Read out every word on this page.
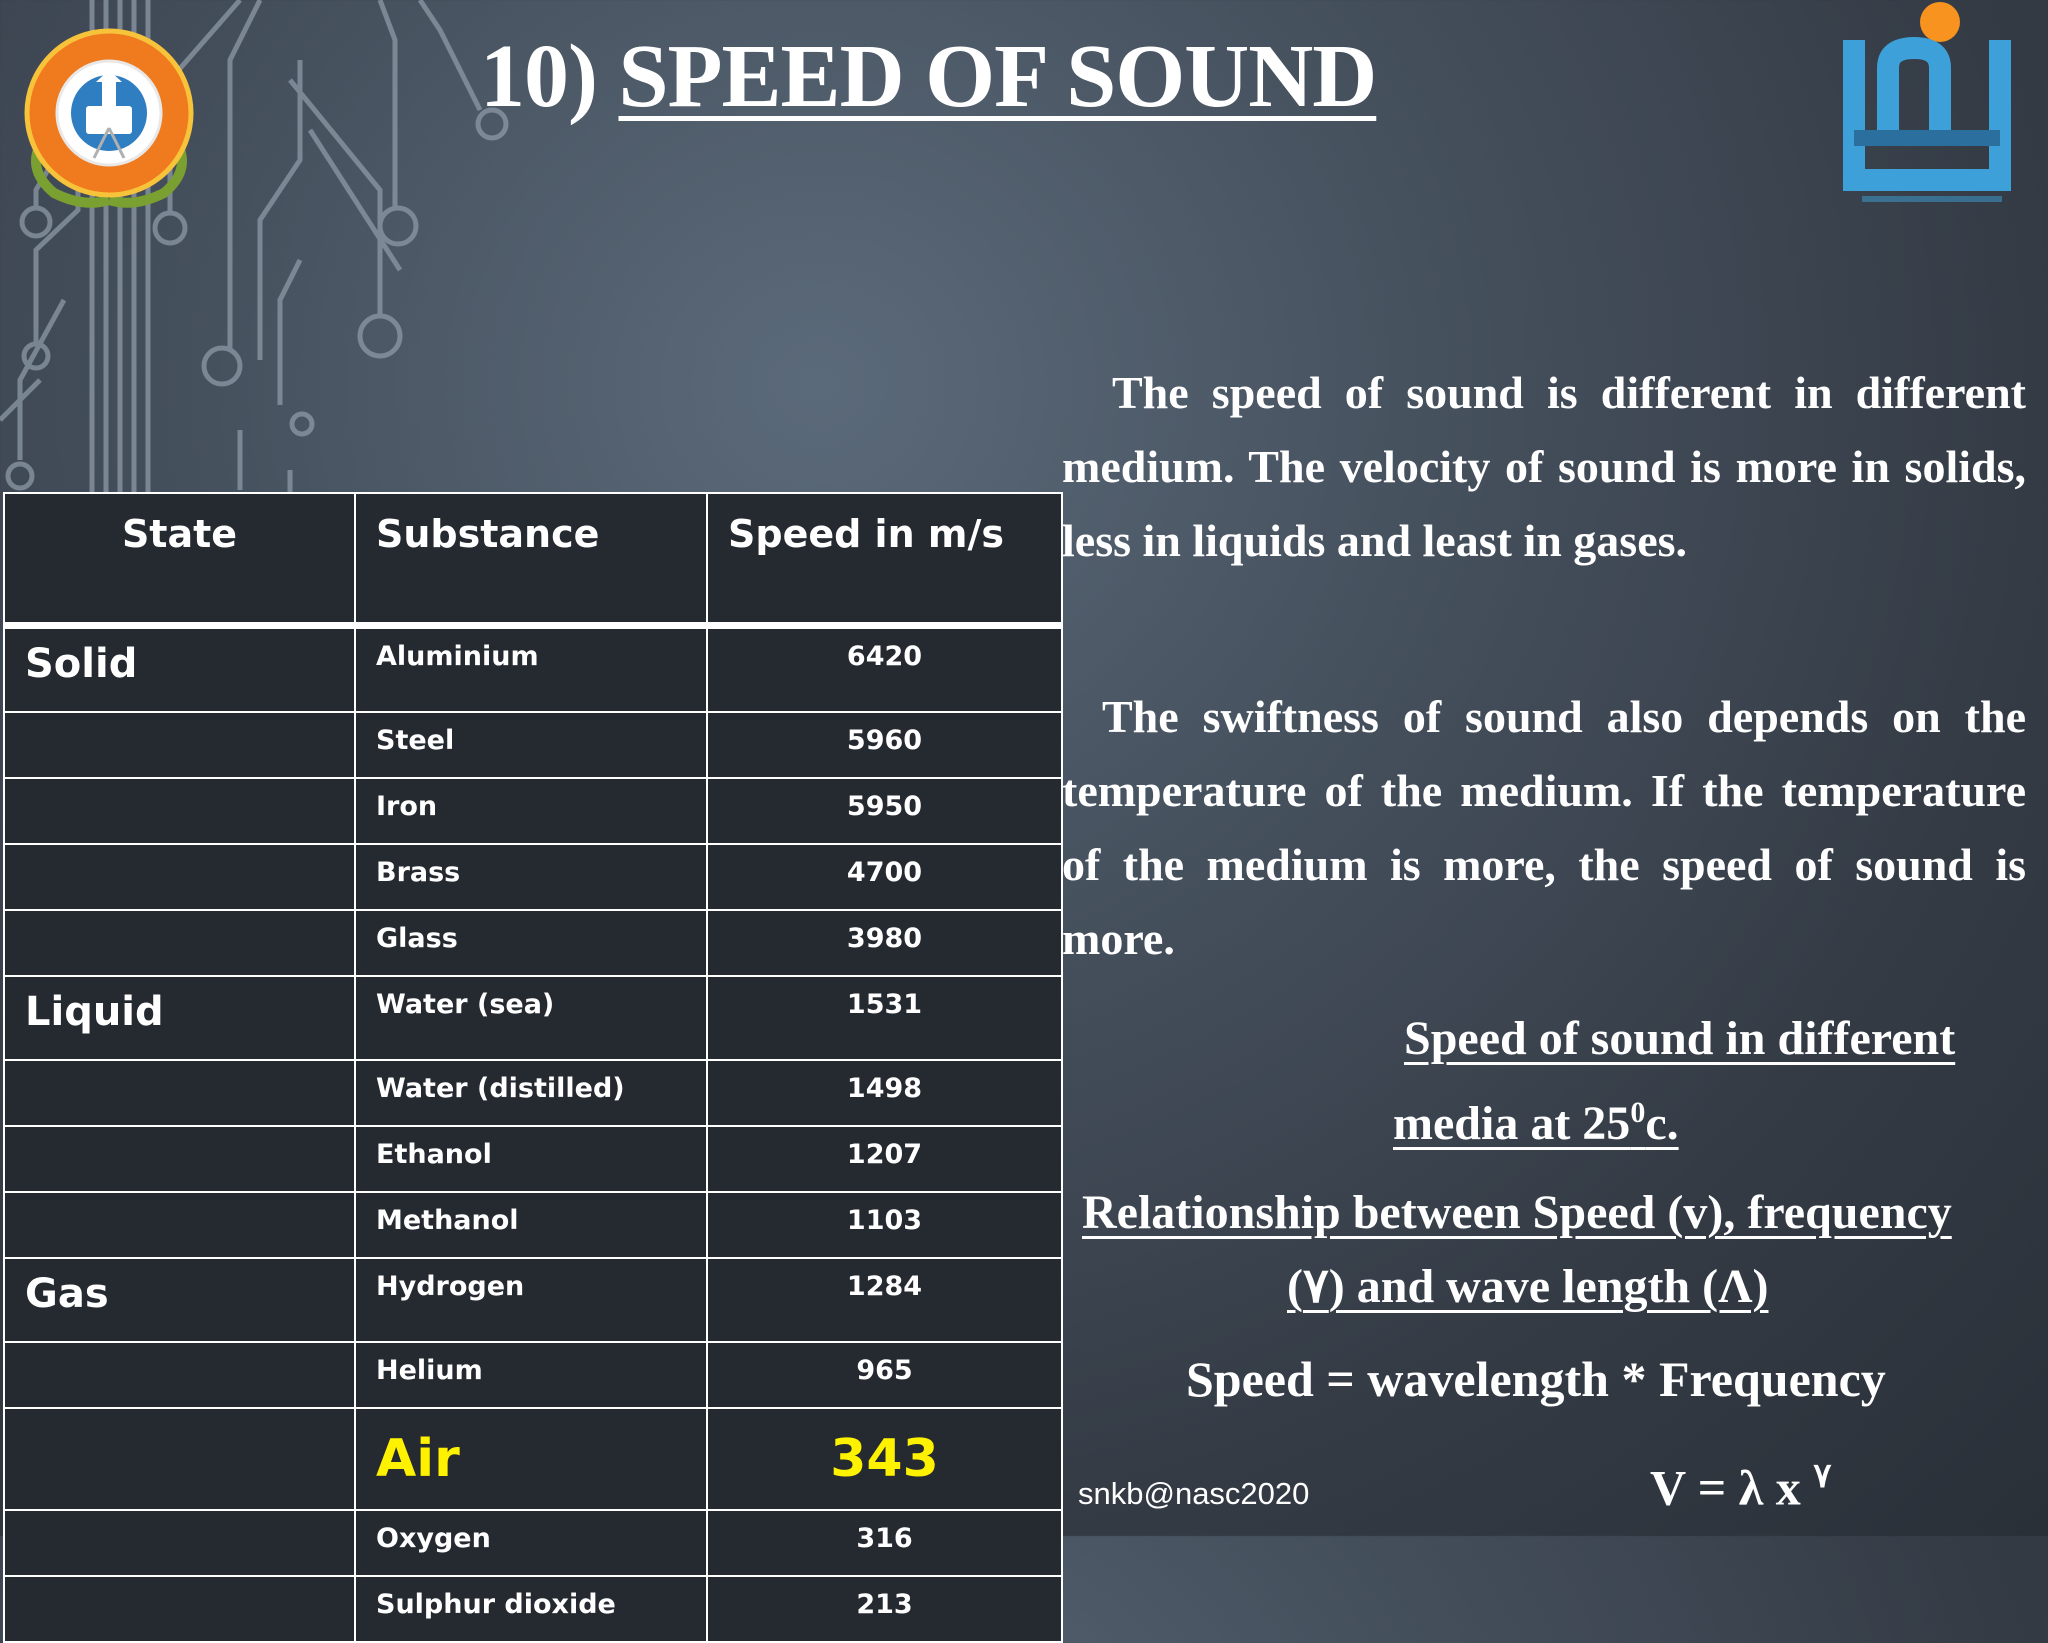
10) SPEED OF SOUND
State	Substance	Speed in m/s
Solid	Aluminium	6420
	Steel	5960
	Iron	5950
	Brass	4700
	Glass	3980
Liquid	Water (sea)	1531
	Water (distilled)	1498
	Ethanol	1207
	Methanol	1103
Gas	Hydrogen	1284
	Helium	965
	Air	343
	Oxygen	316
	Sulphur dioxide	213
The speed of sound is different in different medium. The velocity of sound is more in solids, less in liquids and least in gases.
The swiftness of sound also depends on the temperature of the medium. If the temperature of the medium is more, the speed of sound is more.
Speed of sound in different
media at $25^0c$.
Relationship between Speed (v), frequency
(٧) and wave length (Λ)
Speed = wavelength * Frequency
V = λ x $^٧$
snkb@nasc2020
